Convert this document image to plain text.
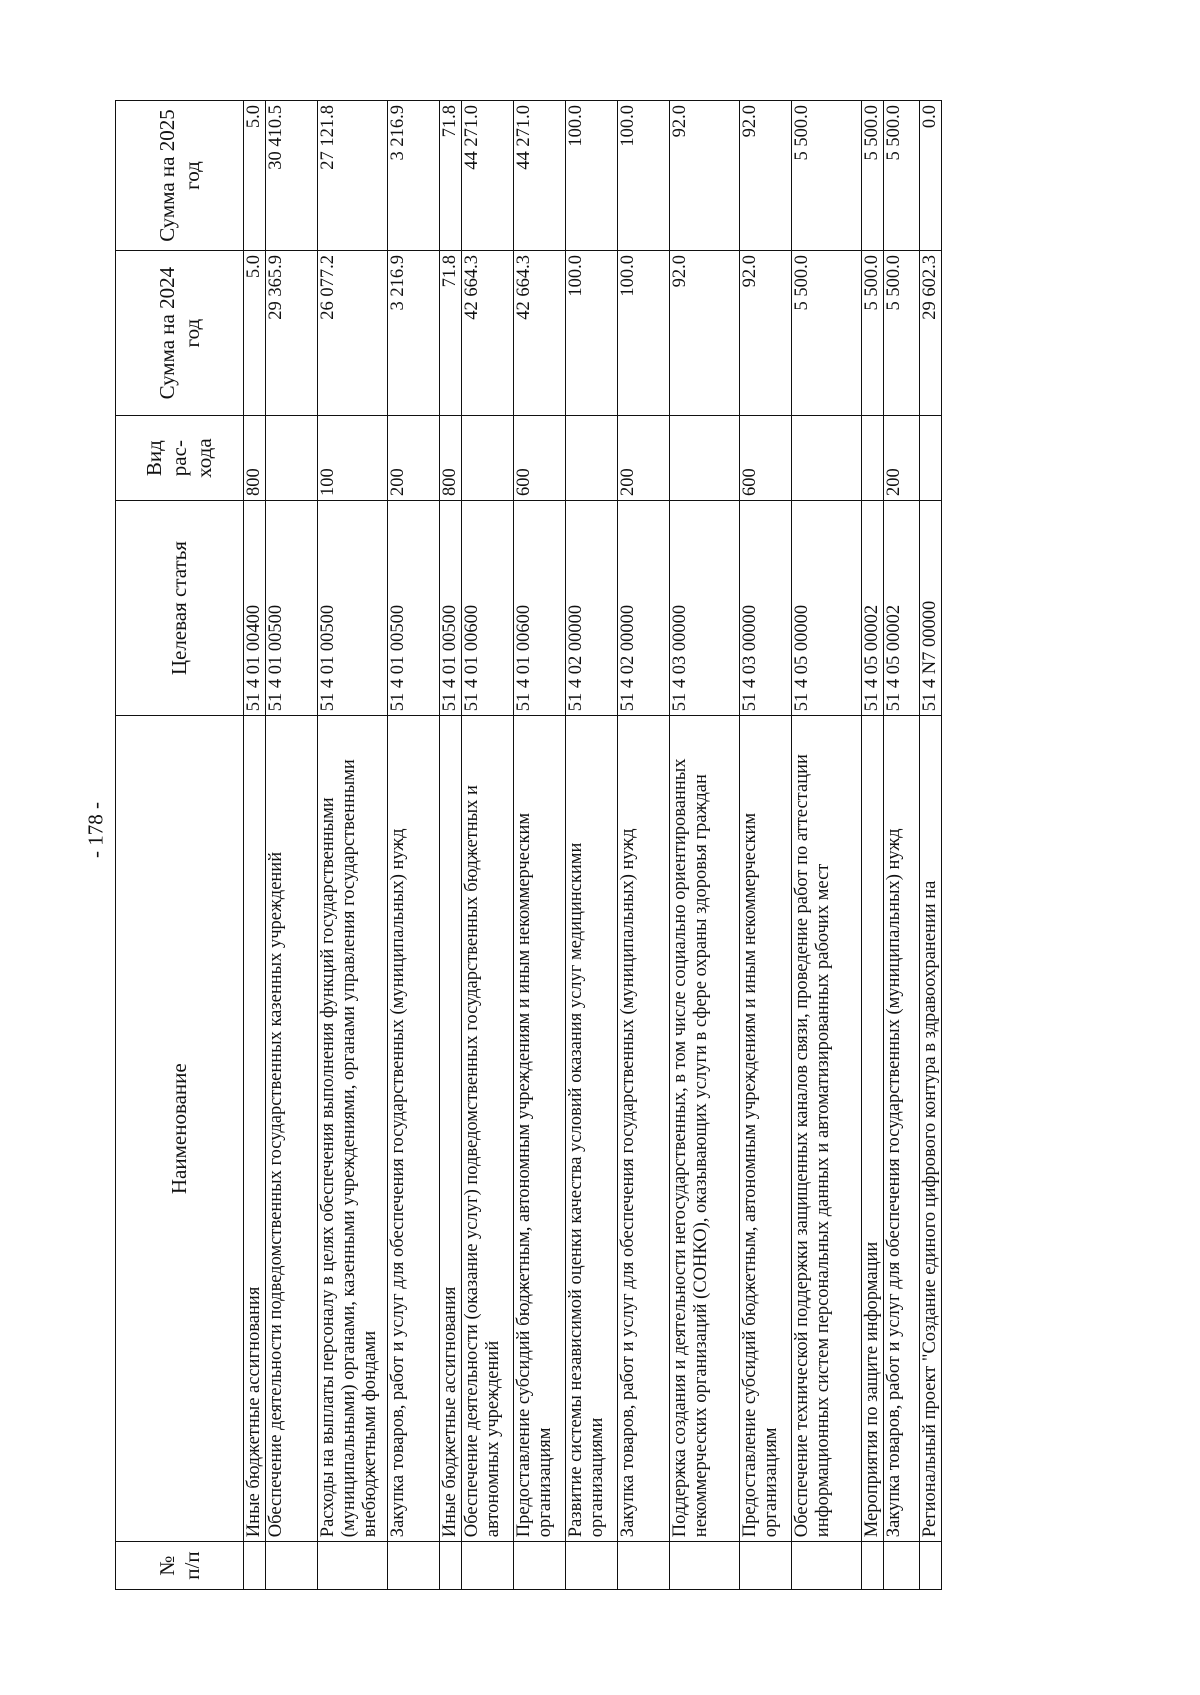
- 178 -
№ п/п	Наименование	Целевая статья	Вид рас- хода	Сумма на 2024 год	Сумма на 2025 год
	Иные бюджетные ассигнования	51 4 01 00400	800	5.0	5.0
	Обеспечение деятельности подведомственных государственных казенных учреждений	51 4 01 00500		29 365.9	30 410.5
	Расходы на выплаты персоналу в целях обеспечения выполнения функций государственными (муниципальными) органами, казенными учреждениями, органами управления государственными внебюджетными фондами	51 4 01 00500	100	26 077.2	27 121.8
	Закупка товаров, работ и услуг для обеспечения государственных (муниципальных) нужд	51 4 01 00500	200	3 216.9	3 216.9
	Иные бюджетные ассигнования	51 4 01 00500	800	71.8	71.8
	Обеспечение деятельности (оказание услуг) подведомственных государственных бюджетных и автономных учреждений	51 4 01 00600		42 664.3	44 271.0
	Предоставление субсидий бюджетным, автономным учреждениям и иным некоммерческим организациям	51 4 01 00600	600	42 664.3	44 271.0
	Развитие системы независимой оценки качества условий оказания услуг медицинскими организациями	51 4 02 00000		100.0	100.0
	Закупка товаров, работ и услуг для обеспечения государственных (муниципальных) нужд	51 4 02 00000	200	100.0	100.0
	Поддержка создания и деятельности негосударственных, в том числе социально ориентированных некоммерческих организаций (СОНКО), оказывающих услуги в сфере охраны здоровья граждан	51 4 03 00000		92.0	92.0
	Предоставление субсидий бюджетным, автономным учреждениям и иным некоммерческим организациям	51 4 03 00000	600	92.0	92.0
	Обеспечение технической поддержки защищенных каналов связи, проведение работ по аттестации информационных систем персональных данных и автоматизированных рабочих мест	51 4 05 00000		5 500.0	5 500.0
	Мероприятия по защите информации	51 4 05 00002		5 500.0	5 500.0
	Закупка товаров, работ и услуг для обеспечения государственных (муниципальных) нужд	51 4 05 00002	200	5 500.0	5 500.0
	Региональный проект "Создание единого цифрового контура в здравоохранении на	51 4 N7 00000		29 602.3	0.0
